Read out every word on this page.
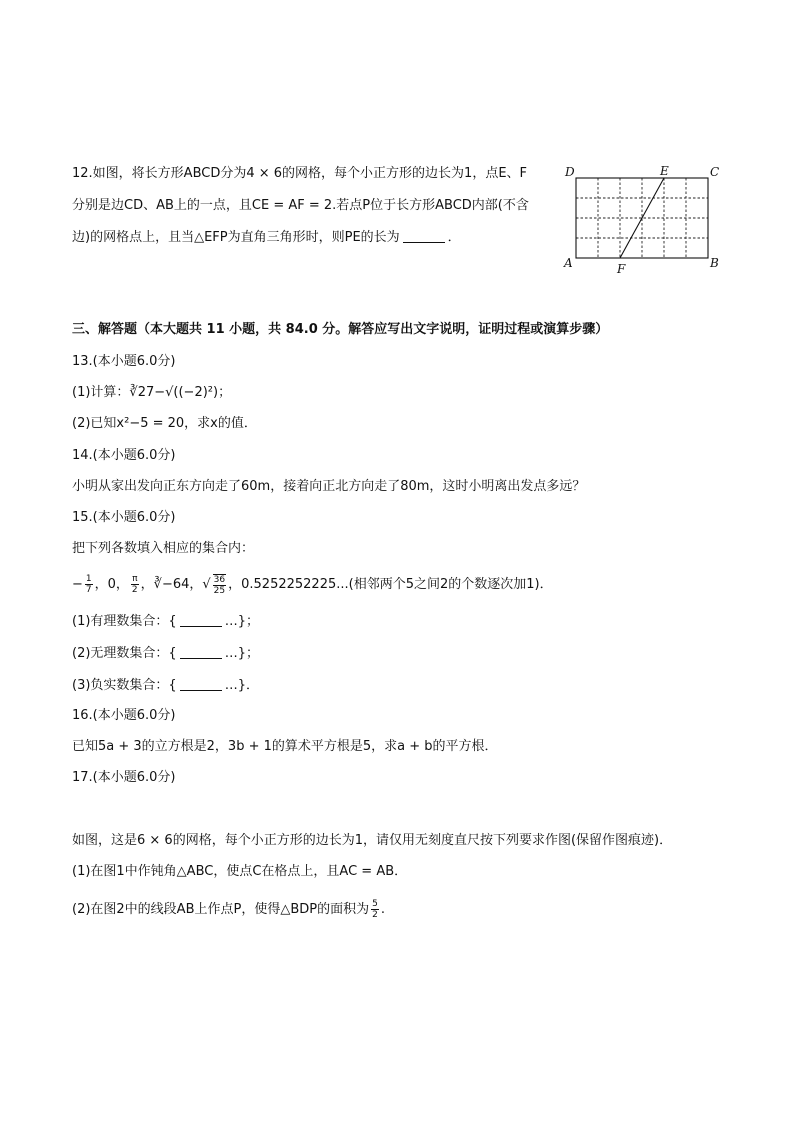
12.如图，将长方形ABCD分为4 × 6的网格，每个小正方形的边长为1，点E、F
分别是边CD、AB上的一点，且CE = AF = 2.若点P位于长方形ABCD内部(不含
边)的网格点上，且当△EFP为直角三角形时，则PE的长为	．
D	E	C
A	F	B
三、解答题（本大题共 11 小题，共 84.0 分。解答应写出文字说明，证明过程或演算步骤）
13.(本小题6.0分)
(1)计算：∛27−√((−2)²)；
(2)已知x²−5 = 20，求x的值．
14.(本小题6.0分)
小明从家出发向正东方向走了60m，接着向正北方向走了80m，这时小明离出发点多远？
15.(本小题6.0分)
把下列各数填入相应的集合内：
− $\frac{1}{7}$ ，0， $\frac{\pi}{2}$ ，∛−64，√ $\frac{36}{25}$ ，0.5252252225...(相邻两个5之间2的个数逐次加1)．
(1)有理数集合：{	…}；
(2)无理数集合：{	…}；
(3)负实数集合：{	…}．
16.(本小题6.0分)
已知5a + 3的立方根是2，3b + 1的算术平方根是5，求a + b的平方根．
17.(本小题6.0分)
如图，这是6 × 6的网格，每个小正方形的边长为1，请仅用无刻度直尺按下列要求作图(保留作图痕迹)．
(1)在图1中作钝角△ABC，使点C在格点上，且AC = AB．
(2)在图2中的线段AB上作点P，使得△BDP的面积为 $\frac{5}{2}$ .
